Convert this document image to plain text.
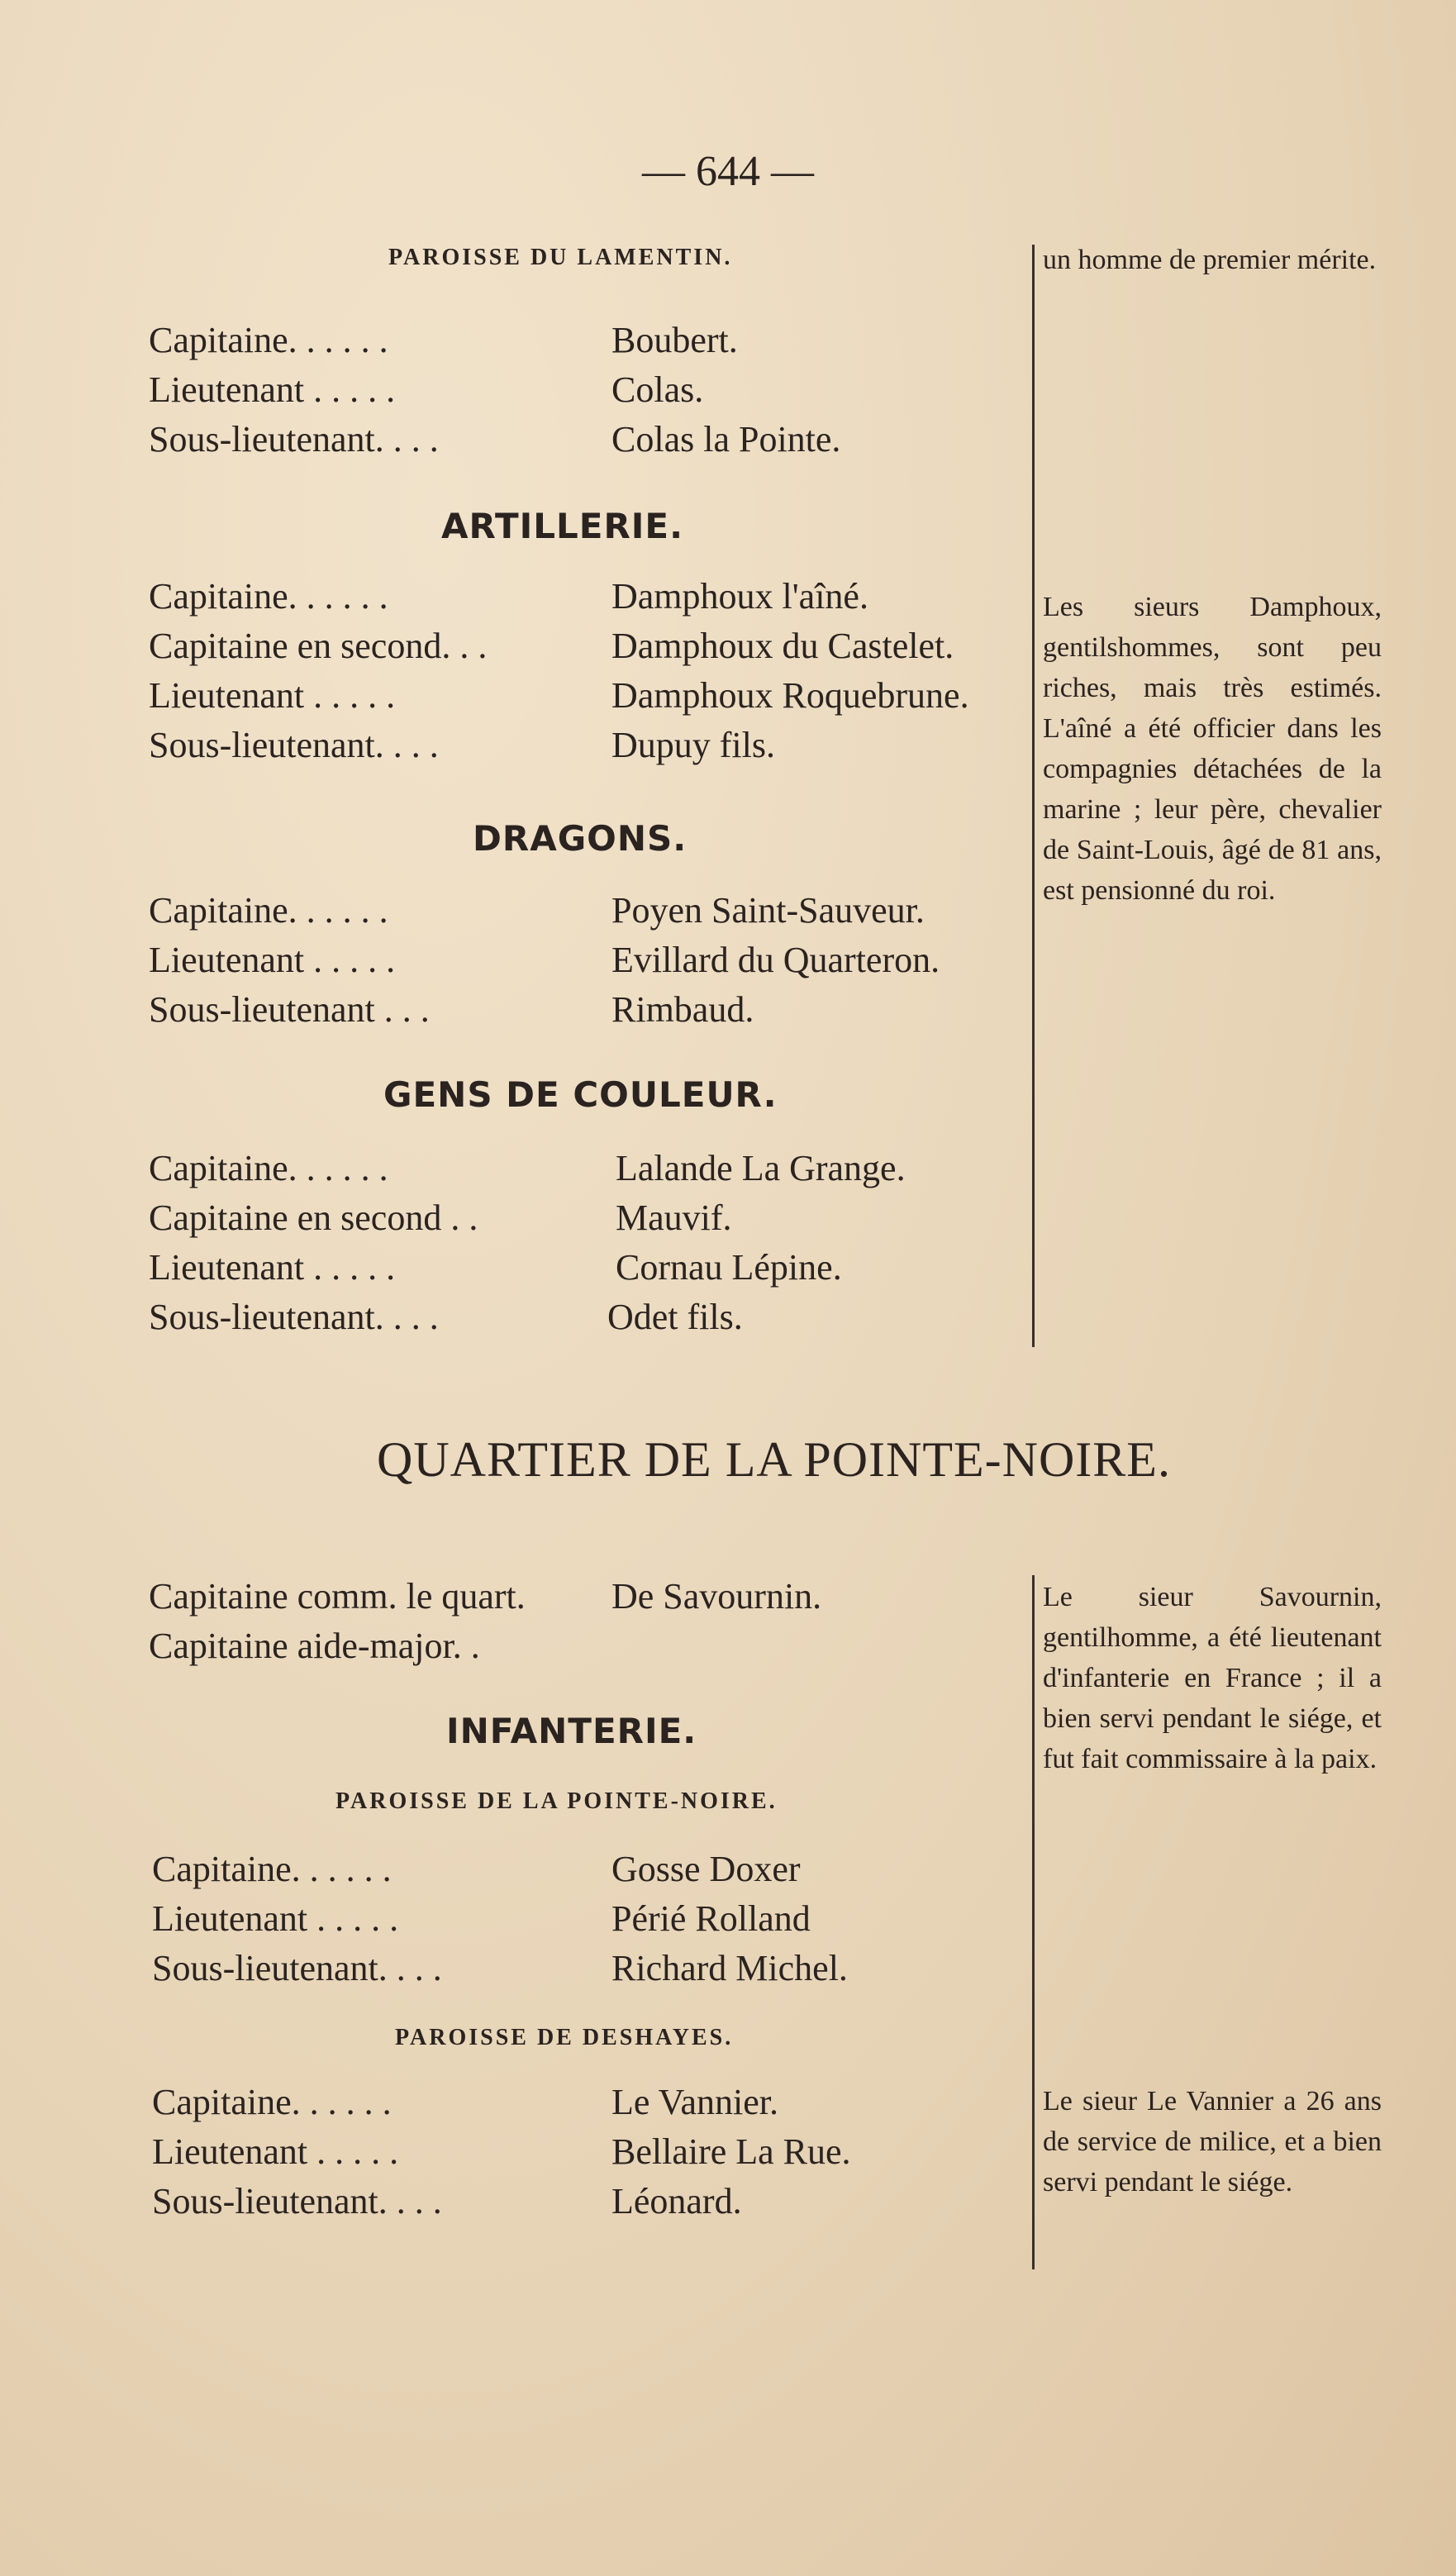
— 644 —
PAROISSE DU LAMENTIN.
Capitaine. . . . . .	Boubert.
Lieutenant . . . . .	Colas.
Sous-lieutenant. . . .	Colas la Pointe.
un homme de premier mérite.
ARTILLERIE.
Capitaine. . . . . .	Damphoux l'aîné.
Capitaine en second. . .	Damphoux du Castelet.
Lieutenant . . . . .	Damphoux Roquebrune.
Sous-lieutenant. . . .	Dupuy fils.
Les sieurs Damphoux, gentilshommes, sont peu riches, mais très estimés. L'aîné a été officier dans les compagnies détachées de la marine ; leur père, chevalier de Saint-Louis, âgé de 81 ans, est pensionné du roi.
DRAGONS.
Capitaine. . . . . .	Poyen Saint-Sauveur.
Lieutenant . . . . .	Evillard du Quarteron.
Sous-lieutenant . . .	Rimbaud.
GENS DE COULEUR.
Capitaine. . . . . .	Lalande La Grange.
Capitaine en second . .	Mauvif.
Lieutenant . . . . .	Cornau Lépine.
Sous-lieutenant. . . .	Odet fils.
QUARTIER DE LA POINTE-NOIRE.
Capitaine comm. le quart. De Savournin.
Capitaine aide-major. .
Le sieur Savournin, gentilhomme, a été lieutenant d'infanterie en France ; il a bien servi pendant le siége, et fut fait commissaire à la paix.
INFANTERIE.
PAROISSE DE LA POINTE-NOIRE.
Capitaine. . . . . .	Gosse Doxer
Lieutenant . . . . .	Périé Rolland
Sous-lieutenant. . . .	Richard Michel.
PAROISSE DE DESHAYES.
Capitaine. . . . . .	Le Vannier.
Lieutenant . . . . .	Bellaire La Rue.
Sous-lieutenant. . . .	Léonard.
Le sieur Le Vannier a 26 ans de service de milice, et a bien servi pendant le siége.
